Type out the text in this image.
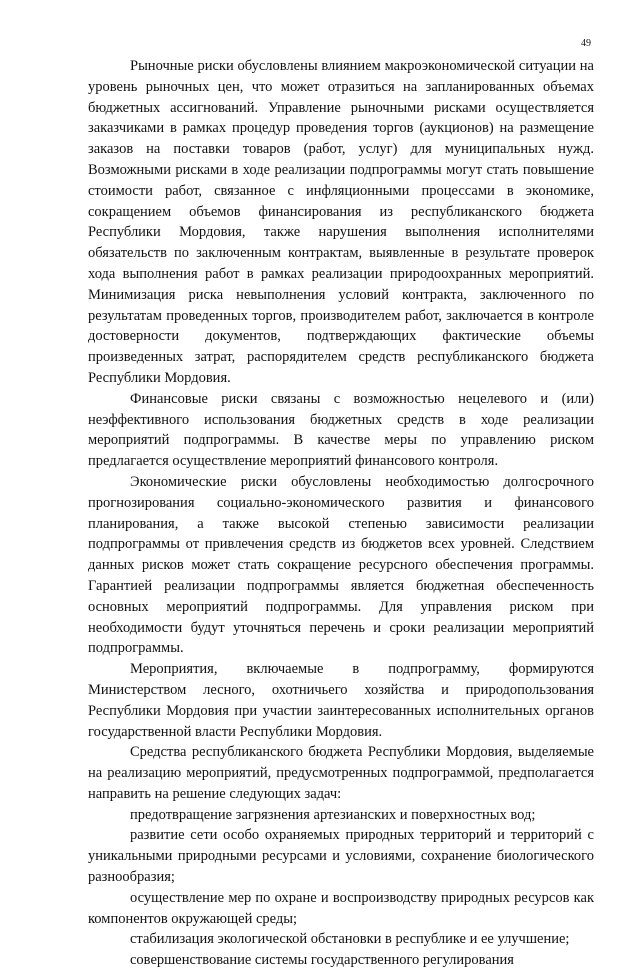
49

Рыночные риски обусловлены влиянием макроэкономической ситуации на уровень рыночных цен, что может отразиться на запланированных объемах бюджетных ассигнований. Управление рыночными рисками осуществляется заказчиками в рамках процедур проведения торгов (аукционов) на размещение заказов на поставки товаров (работ, услуг) для муниципальных нужд. Возможными рисками в ходе реализации подпрограммы могут стать повышение стоимости работ, связанное с инфляционными процессами в экономике, сокращением объемов финансирования из республиканского бюджета Республики Мордовия, также нарушения выполнения исполнителями обязательств по заключенным контрактам, выявленные в результате проверок хода выполнения работ в рамках реализации природоохранных мероприятий. Минимизация риска невыполнения условий контракта, заключенного по результатам проведенных торгов, производителем работ, заключается в контроле достоверности документов, подтверждающих фактические объемы произведенных затрат, распорядителем средств республиканского бюджета Республики Мордовия.

Финансовые риски связаны с возможностью нецелевого и (или) неэффективного использования бюджетных средств в ходе реализации мероприятий подпрограммы. В качестве меры по управлению риском предлагается осуществление мероприятий финансового контроля.

Экономические риски обусловлены необходимостью долгосрочного прогнозирования социально-экономического развития и финансового планирования, а также высокой степенью зависимости реализации подпрограммы от привлечения средств из бюджетов всех уровней. Следствием данных рисков может стать сокращение ресурсного обеспечения программы. Гарантией реализации подпрограммы является бюджетная обеспеченность основных мероприятий подпрограммы. Для управления риском при необходимости будут уточняться перечень и сроки реализации мероприятий подпрограммы.

Мероприятия, включаемые в подпрограмму, формируются Министерством лесного, охотничьего хозяйства и природопользования Республики Мордовия при участии заинтересованных исполнительных органов государственной власти Республики Мордовия.

Средства республиканского бюджета Республики Мордовия, выделяемые на реализацию мероприятий, предусмотренных подпрограммой, предполагается направить на решение следующих задач:

предотвращение загрязнения артезианских и поверхностных вод;

развитие сети особо охраняемых природных территорий и территорий с уникальными природными ресурсами и условиями, сохранение биологического разнообразия;

осуществление мер по охране и воспроизводству природных ресурсов как компонентов окружающей среды;

стабилизация экологической обстановки в республике и ее улучшение;

совершенствование системы государственного регулирования
